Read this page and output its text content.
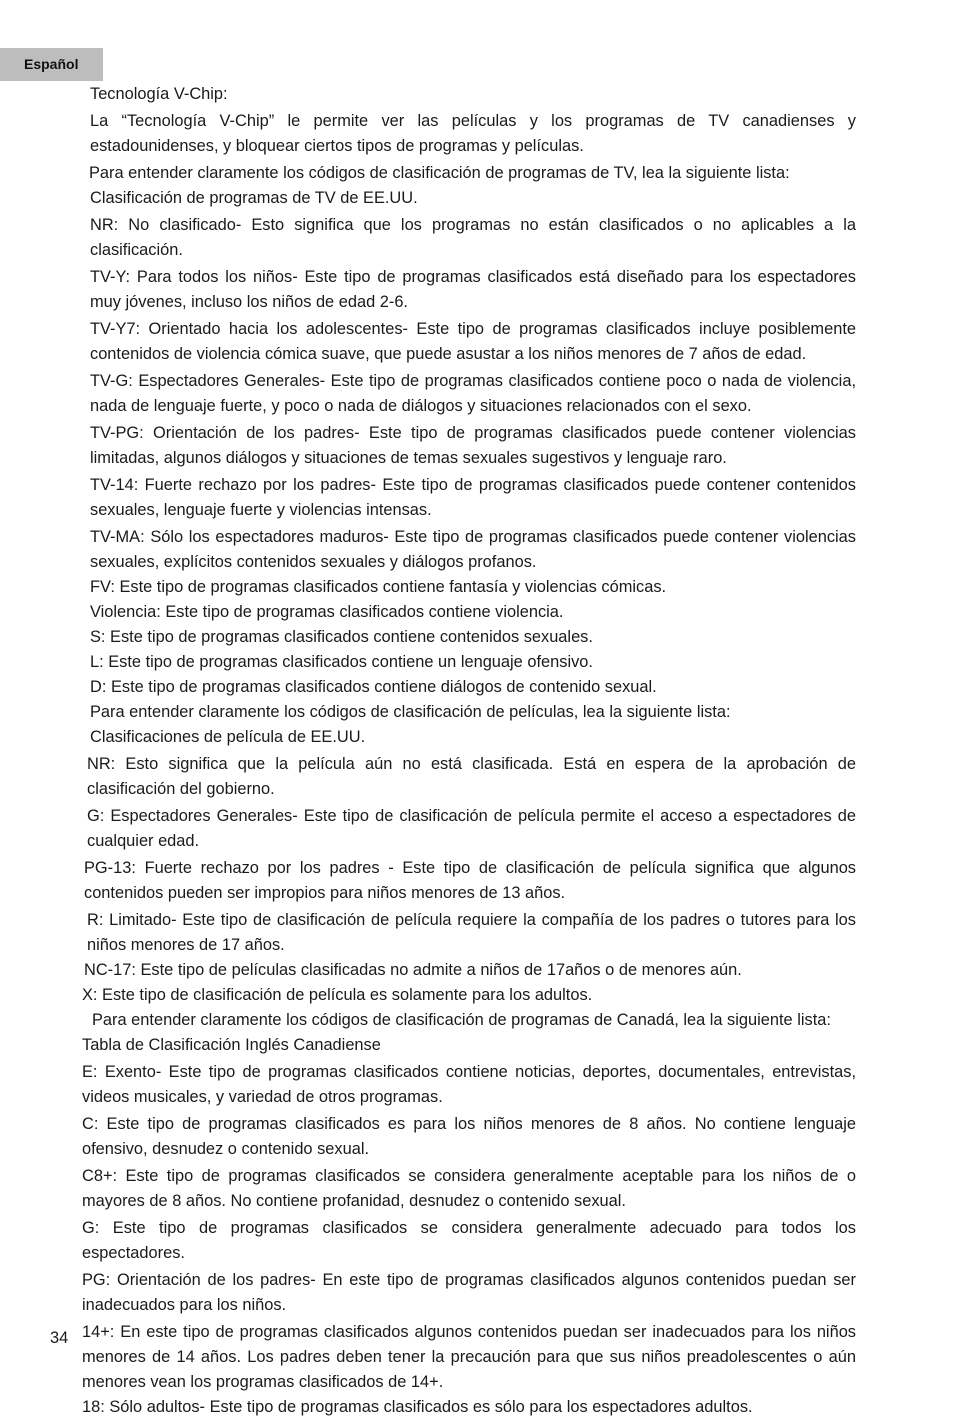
Español

Tecnología V-Chip:

La “Tecnología V-Chip” le permite ver las películas y los programas de TV canadienses y estadounidenses, y bloquear ciertos tipos de programas y películas.

Para entender claramente los códigos de clasificación de programas de TV, lea la siguiente lista:

Clasificación de programas de TV de EE.UU.

NR: No clasificado- Esto significa que los programas no están clasificados o no aplicables a la clasificación.

TV-Y: Para todos los niños- Este tipo de programas clasificados está diseñado para los espectadores muy jóvenes, incluso los niños de edad 2-6.

TV-Y7: Orientado hacia los adolescentes- Este tipo de programas clasificados incluye posiblemente contenidos de violencia cómica suave, que puede asustar a los niños menores de 7 años de edad.

TV-G: Espectadores Generales- Este tipo de programas clasificados contiene poco o nada de violencia, nada de lenguaje fuerte, y poco o nada de diálogos y situaciones relacionados con el sexo.

TV-PG: Orientación de los padres- Este tipo de programas clasificados puede contener violencias limitadas, algunos diálogos y situaciones de temas sexuales sugestivos y lenguaje raro.

TV-14: Fuerte rechazo por los padres- Este tipo de programas clasificados puede contener contenidos sexuales, lenguaje fuerte y violencias intensas.

TV-MA: Sólo los espectadores maduros- Este tipo de programas clasificados puede contener violencias sexuales, explícitos contenidos sexuales y diálogos profanos.

FV: Este tipo de programas clasificados contiene fantasía y violencias cómicas.

Violencia: Este tipo de programas clasificados contiene violencia.

S: Este tipo de programas clasificados contiene contenidos sexuales.

L: Este tipo de programas clasificados contiene un lenguaje ofensivo.

D: Este tipo de programas clasificados contiene diálogos de contenido sexual.

Para entender claramente los códigos de clasificación de películas, lea la siguiente lista:

Clasificaciones de película de EE.UU.

NR: Esto significa que la película aún no está clasificada. Está en espera de la aprobación de clasificación del gobierno.

G: Espectadores Generales- Este tipo de clasificación de película permite el acceso a espectadores de cualquier edad.

PG-13: Fuerte rechazo por los padres - Este tipo de clasificación de película significa que algunos contenidos pueden ser impropios para niños menores de 13 años.

R: Limitado- Este tipo de clasificación de película requiere la compañía de los padres o tutores para los niños menores de 17 años.

NC-17: Este tipo de películas clasificadas no admite a niños de 17años o de menores aún.

X: Este tipo de clasificación de película es solamente para los adultos.

Para entender claramente los códigos de clasificación de programas de Canadá, lea la siguiente lista:

Tabla de Clasificación Inglés Canadiense

E: Exento- Este tipo de programas clasificados contiene noticias, deportes, documentales, entrevistas, videos musicales, y variedad de otros programas.

C: Este tipo de programas clasificados es para los niños menores de 8 años. No contiene lenguaje ofensivo, desnudez o contenido sexual.

C8+: Este tipo de programas clasificados se considera generalmente aceptable para los niños de o mayores de 8 años. No contiene profanidad, desnudez o contenido sexual.

G: Este tipo de programas clasificados se considera generalmente adecuado para todos los espectadores.

PG: Orientación de los padres- En este tipo de programas clasificados algunos contenidos puedan ser inadecuados para los niños.

14+: En este tipo de programas clasificados algunos contenidos puedan ser inadecuados para los niños menores de 14 años. Los padres deben tener la precaución para que sus niños preadolescentes o aún menores vean los programas clasificados de 14+.

18: Sólo adultos- Este tipo de programas clasificados es sólo para los espectadores adultos.

34
